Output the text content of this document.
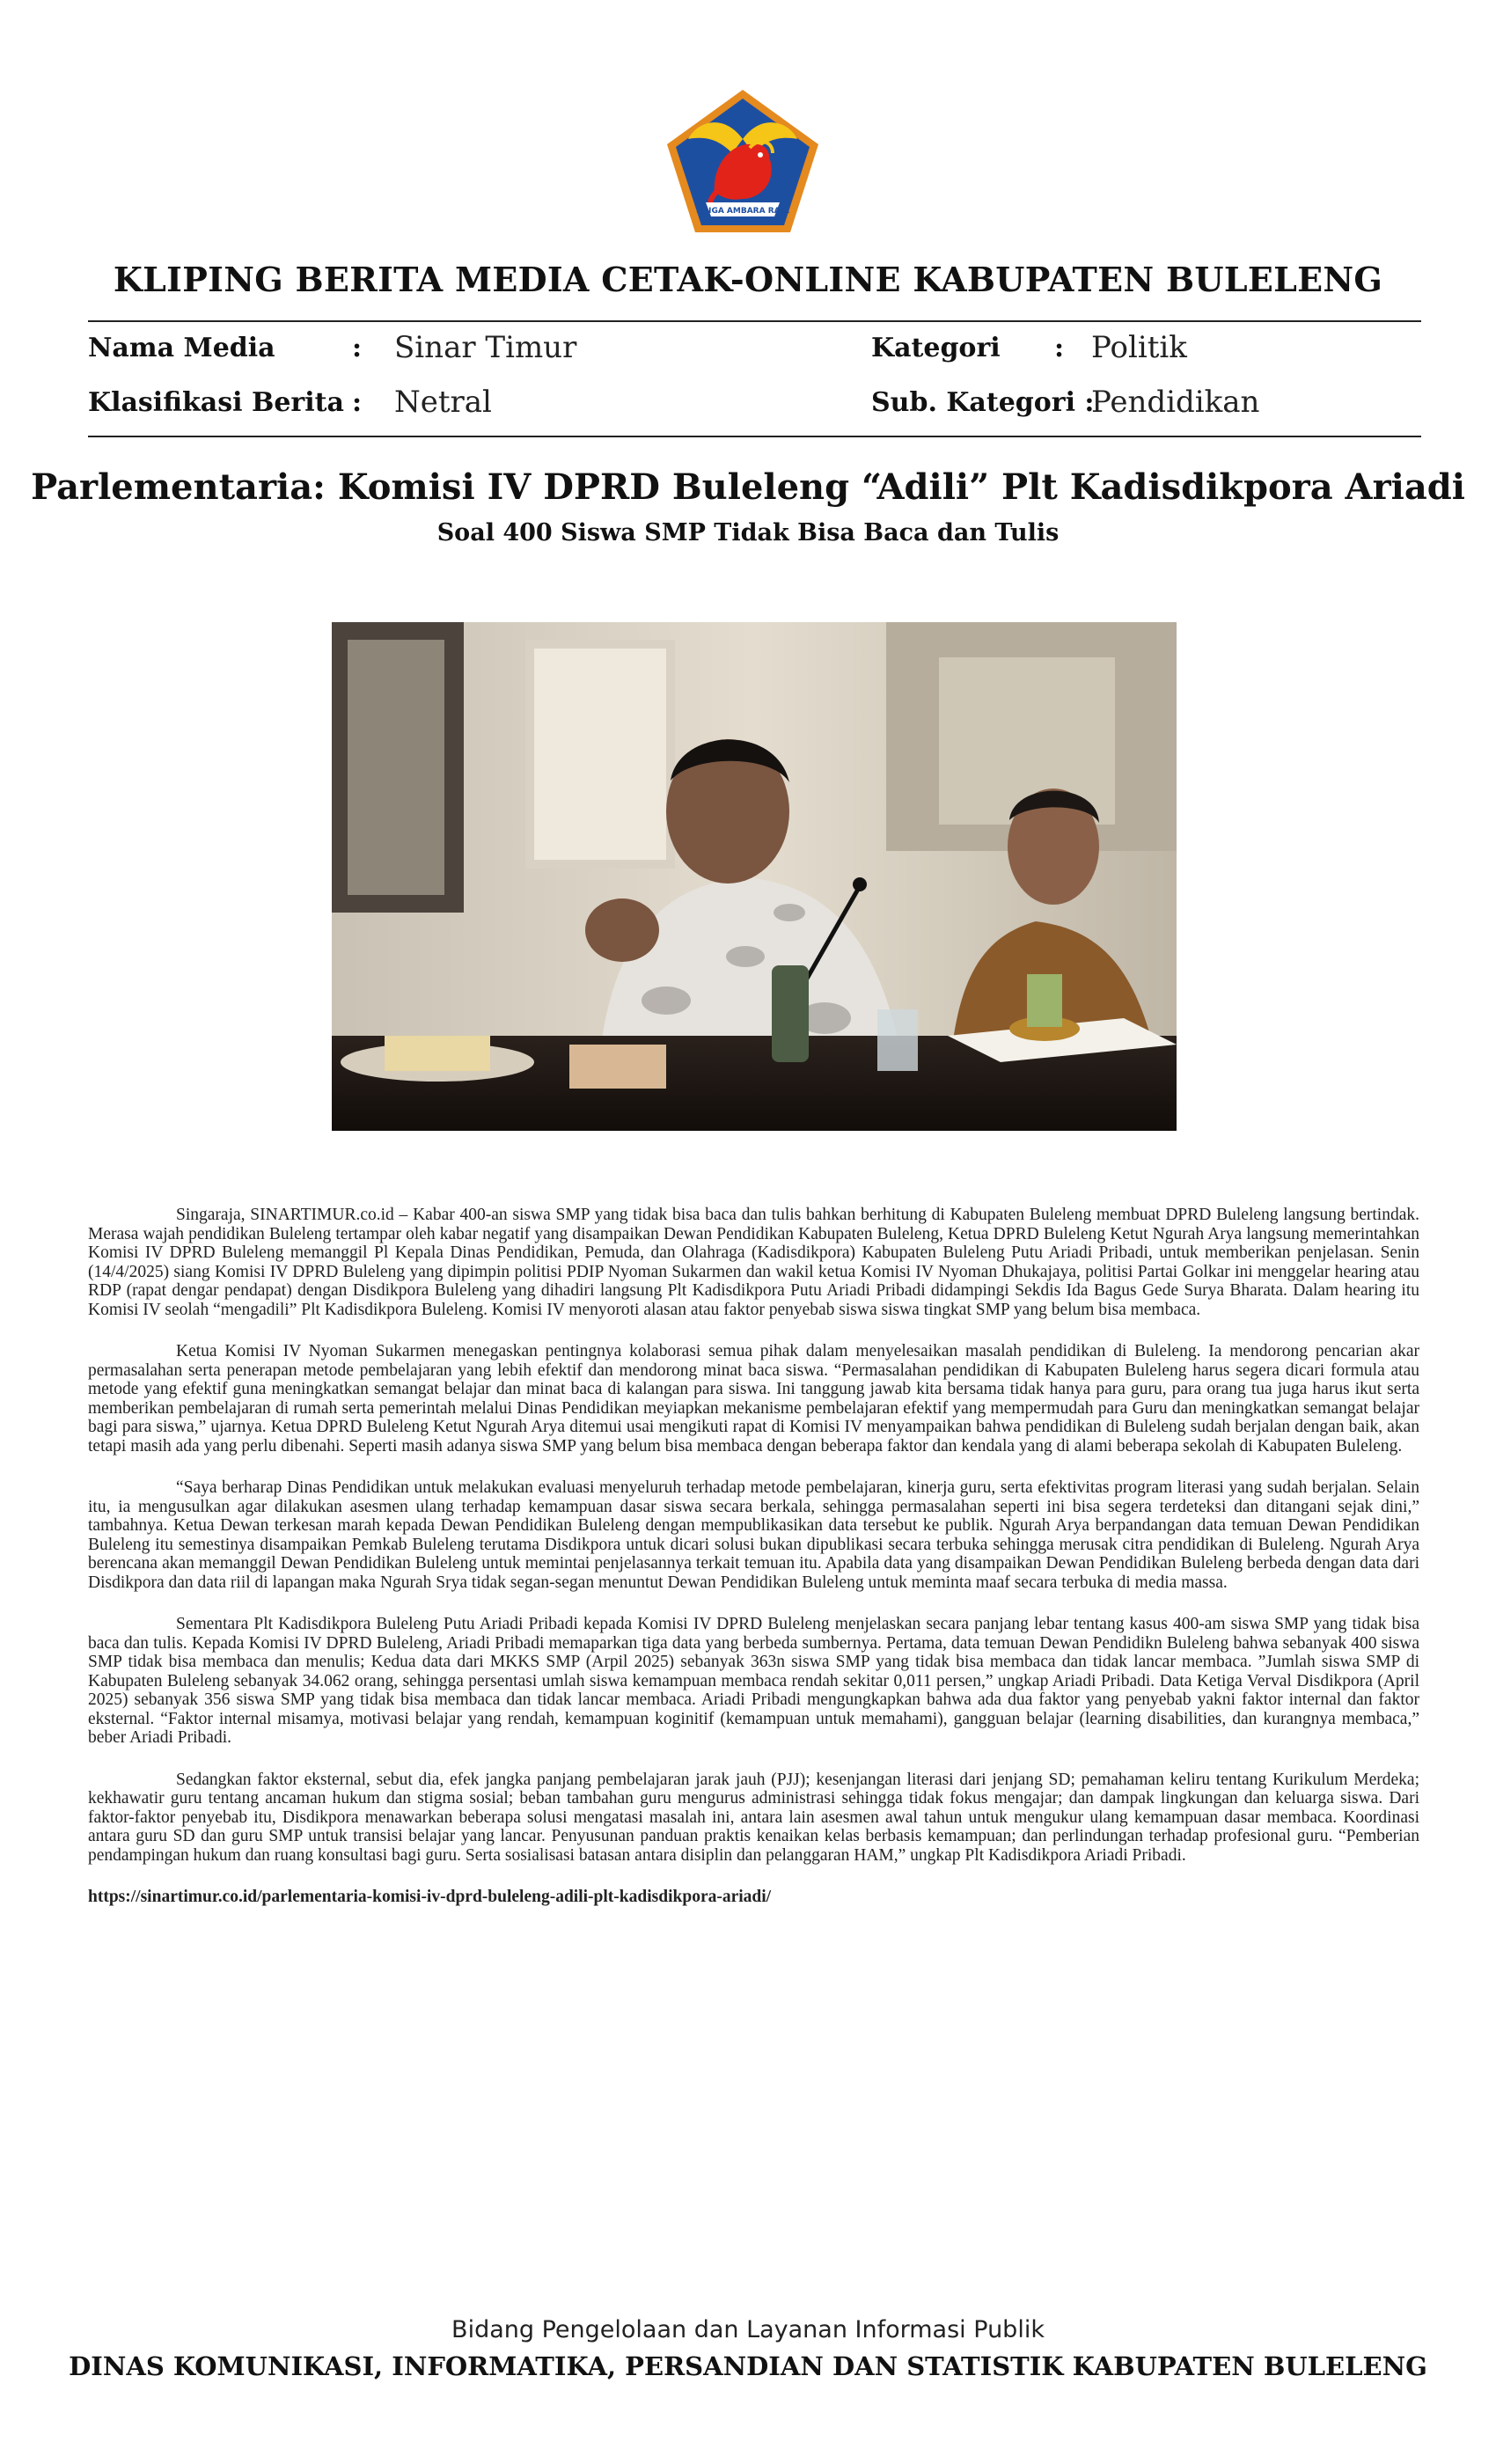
SINGA AMBARA RAJA
KLIPING BERITA MEDIA CETAK-ONLINE KABUPATEN BULELENG
Nama Media	: Sinar Timur
Klasifikasi Berita : Netral
Kategori : Politik
Sub. Kategori :
Pendidikan
Parlementaria: Komisi IV DPRD Buleleng “Adili” Plt Kadisdikpora Ariadi
Soal 400 Siswa SMP Tidak Bisa Baca dan Tulis

Singaraja, SINARTIMUR.co.id – Kabar 400-an siswa SMP yang tidak bisa baca dan tulis bahkan berhitung di Kabupaten Buleleng membuat DPRD Buleleng langsung bertindak. Merasa wajah pendidikan Buleleng tertampar oleh kabar negatif yang disampaikan Dewan Pendidikan Kabupaten Buleleng, Ketua DPRD Buleleng Ketut Ngurah Arya langsung memerintahkan Komisi IV DPRD Buleleng memanggil Pl Kepala Dinas Pendidikan, Pemuda, dan Olahraga (Kadisdikpora) Kabupaten Buleleng Putu Ariadi Pribadi, untuk memberikan penjelasan. Senin (14/4/2025) siang Komisi IV DPRD Buleleng yang dipimpin politisi PDIP Nyoman Sukarmen dan wakil ketua Komisi IV Nyoman Dhukajaya, politisi Partai Golkar ini menggelar hearing atau RDP (rapat dengar pendapat) dengan Disdikpora Buleleng yang dihadiri langsung Plt Kadisdikpora Putu Ariadi Pribadi didampingi Sekdis Ida Bagus Gede Surya Bharata. Dalam hearing itu Komisi IV seolah “mengadili” Plt Kadisdikpora Buleleng. Komisi IV menyoroti alasan atau faktor penyebab siswa siswa tingkat SMP yang belum bisa membaca.

Ketua Komisi IV Nyoman Sukarmen menegaskan pentingnya kolaborasi semua pihak dalam menyelesaikan masalah pendidikan di Buleleng. Ia mendorong pencarian akar permasalahan serta penerapan metode pembelajaran yang lebih efektif dan mendorong minat baca siswa. “Permasalahan pendidikan di Kabupaten Buleleng harus segera dicari formula atau metode yang efektif guna meningkatkan semangat belajar dan minat baca di kalangan para siswa. Ini tanggung jawab kita bersama tidak hanya para guru, para orang tua juga harus ikut serta memberikan pembelajaran di rumah serta pemerintah melalui Dinas Pendidikan meyiapkan mekanisme pembelajaran efektif yang mempermudah para Guru dan meningkatkan semangat belajar bagi para siswa,” ujarnya. Ketua DPRD Buleleng Ketut Ngurah Arya ditemui usai mengikuti rapat di Komisi IV menyampaikan bahwa pendidikan di Buleleng sudah berjalan dengan baik, akan tetapi masih ada yang perlu dibenahi. Seperti masih adanya siswa SMP yang belum bisa membaca dengan beberapa faktor dan kendala yang di alami beberapa sekolah di Kabupaten Buleleng.

“Saya berharap Dinas Pendidikan untuk melakukan evaluasi menyeluruh terhadap metode pembelajaran, kinerja guru, serta efektivitas program literasi yang sudah berjalan. Selain itu, ia mengusulkan agar dilakukan asesmen ulang terhadap kemampuan dasar siswa secara berkala, sehingga permasalahan seperti ini bisa segera terdeteksi dan ditangani sejak dini,” tambahnya. Ketua Dewan terkesan marah kepada Dewan Pendidikan Buleleng dengan mempublikasikan data tersebut ke publik. Ngurah Arya berpandangan data temuan Dewan Pendidikan Buleleng itu semestinya disampaikan Pemkab Buleleng terutama Disdikpora untuk dicari solusi bukan dipublikasi secara terbuka sehingga merusak citra pendidikan di Buleleng. Ngurah Arya berencana akan memanggil Dewan Pendidikan Buleleng untuk memintai penjelasannya terkait temuan itu. Apabila data yang disampaikan Dewan Pendidikan Buleleng berbeda dengan data dari Disdikpora dan data riil di lapangan maka Ngurah Srya tidak segan-segan menuntut Dewan Pendidikan Buleleng untuk meminta maaf secara terbuka di media massa.

Sementara Plt Kadisdikpora Buleleng Putu Ariadi Pribadi kepada Komisi IV DPRD Buleleng menjelaskan secara panjang lebar tentang kasus 400-am siswa SMP yang tidak bisa baca dan tulis. Kepada Komisi IV DPRD Buleleng, Ariadi Pribadi memaparkan tiga data yang berbeda sumbernya. Pertama, data temuan Dewan Pendidikn Buleleng bahwa sebanyak 400 siswa SMP tidak bisa membaca dan menulis; Kedua data dari MKKS SMP (Arpil 2025) sebanyak 363n siswa SMP yang tidak bisa membaca dan tidak lancar membaca. ”Jumlah siswa SMP di Kabupaten Buleleng sebanyak 34.062 orang, sehingga persentasi umlah siswa kemampuan membaca rendah sekitar 0,011 persen,” ungkap Ariadi Pribadi. Data Ketiga Verval Disdikpora (April 2025) sebanyak 356 siswa SMP yang tidak bisa membaca dan tidak lancar membaca. Ariadi Pribadi mengungkapkan bahwa ada dua faktor yang penyebab yakni faktor internal dan faktor eksternal. “Faktor internal misamya, motivasi belajar yang rendah, kemampuan koginitif (kemampuan untuk memahami), gangguan belajar (learning disabilities, dan kurangnya membaca,” beber Ariadi Pribadi.

Sedangkan faktor eksternal, sebut dia, efek jangka panjang pembelajaran jarak jauh (PJJ); kesenjangan literasi dari jenjang SD; pemahaman keliru tentang Kurikulum Merdeka; kekhawatir guru tentang ancaman hukum dan stigma sosial; beban tambahan guru mengurus administrasi sehingga tidak fokus mengajar; dan dampak lingkungan dan keluarga siswa. Dari faktor-faktor penyebab itu, Disdikpora menawarkan beberapa solusi mengatasi masalah ini, antara lain asesmen awal tahun untuk mengukur ulang kemampuan dasar membaca. Koordinasi antara guru SD dan guru SMP untuk transisi belajar yang lancar. Penyusunan panduan praktis kenaikan kelas berbasis kemampuan; dan perlindungan terhadap profesional guru. “Pemberian pendampingan hukum dan ruang konsultasi bagi guru. Serta sosialisasi batasan antara disiplin dan pelanggaran HAM,” ungkap Plt Kadisdikpora Ariadi Pribadi.

https://sinartimur.co.id/parlementaria-komisi-iv-dprd-buleleng-adili-plt-kadisdikpora-ariadi/

Bidang Pengelolaan dan Layanan Informasi Publik
DINAS KOMUNIKASI, INFORMATIKA, PERSANDIAN DAN STATISTIK KABUPATEN BULELENG
